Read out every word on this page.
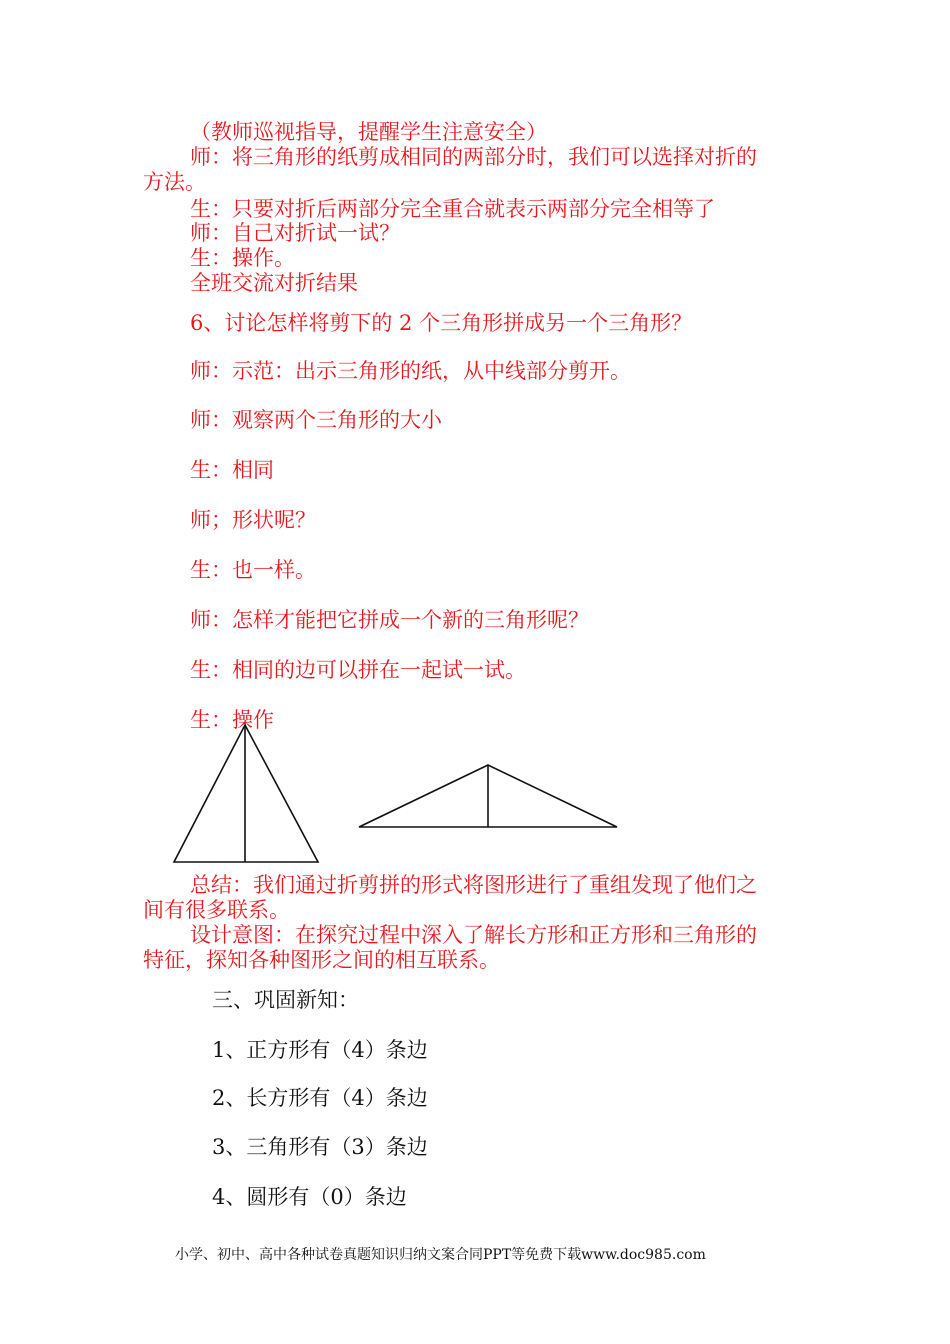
（教师巡视指导，提醒学生注意安全）
师：将三角形的纸剪成相同的两部分时，我们可以选择对折的
方法。
生：只要对折后两部分完全重合就表示两部分完全相等了
师：自己对折试一试？
生：操作。
全班交流对折结果
6、讨论怎样将剪下的 2 个三角形拼成另一个三角形？
师：示范：出示三角形的纸，从中线部分剪开。
师：观察两个三角形的大小
生：相同
师；形状呢？
生：也一样。
师：怎样才能把它拼成一个新的三角形呢？
生：相同的边可以拼在一起试一试。
生：操作
总结：我们通过折剪拼的形式将图形进行了重组发现了他们之
间有很多联系。
设计意图：在探究过程中深入了解长方形和正方形和三角形的
特征，探知各种图形之间的相互联系。
三、巩固新知：
1、正方形有（4）条边
2、长方形有（4）条边
3、三角形有（3）条边
4、圆形有（0）条边
小学、初中、高中各种试卷真题知识归纳文案合同PPT等免费下载www.doc985.com
